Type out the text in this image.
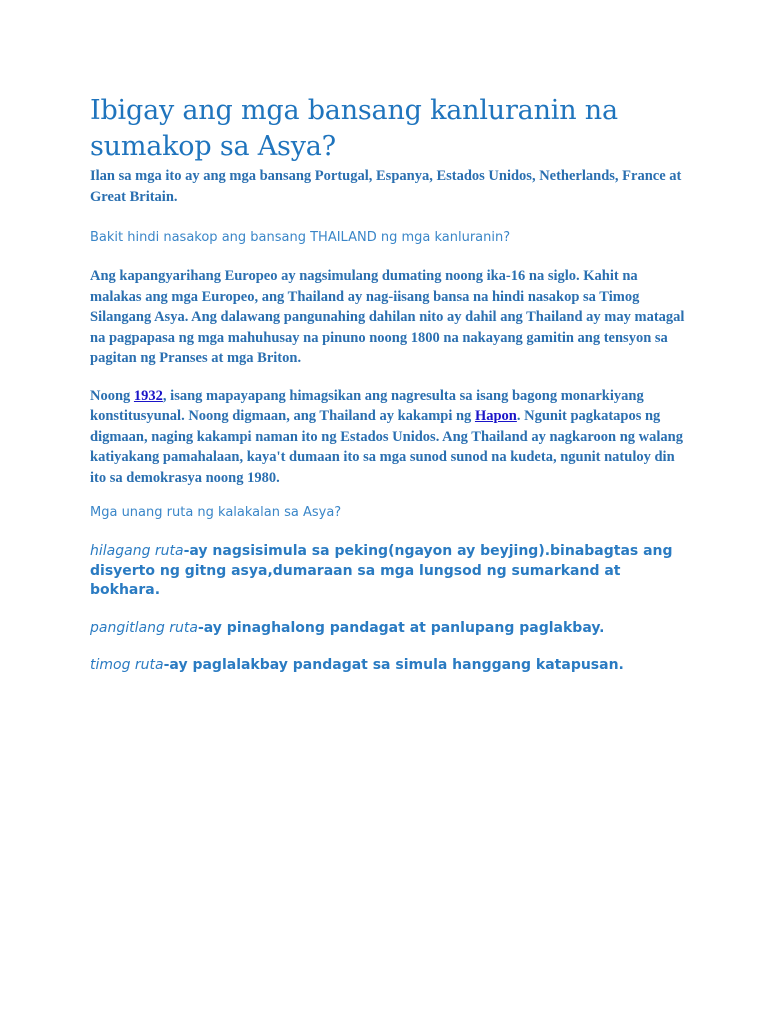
Ibigay ang mga bansang kanluranin na sumakop sa Asya?

Ilan sa mga ito ay ang mga bansang Portugal, Espanya, Estados Unidos, Netherlands, France at Great Britain.

Bakit hindi nasakop ang bansang THAILAND ng mga kanluranin?

Ang kapangyarihang Europeo ay nagsimulang dumating noong ika-16 na siglo. Kahit na malakas ang mga Europeo, ang Thailand ay nag-iisang bansa na hindi nasakop sa Timog Silangang Asya. Ang dalawang pangunahing dahilan nito ay dahil ang Thailand ay may matagal na pagpapasa ng mga mahuhusay na pinuno noong 1800 na nakayang gamitin ang tensyon sa pagitan ng Pranses at mga Briton.

Noong 1932, isang mapayapang himagsikan ang nagresulta sa isang bagong monarkiyang konstitusyunal. Noong digmaan, ang Thailand ay kakampi ng Hapon. Ngunit pagkatapos ng digmaan, naging kakampi naman ito ng Estados Unidos. Ang Thailand ay nagkaroon ng walang katiyakang pamahalaan, kaya't dumaan ito sa mga sunod sunod na kudeta, ngunit natuloy din ito sa demokrasya noong 1980.

Mga unang ruta ng kalakalan sa Asya?

hilagang ruta-ay nagsisimula sa peking(ngayon ay beyjing).binabagtas ang disyerto ng gitng asya,dumaraan sa mga lungsod ng sumarkand at bokhara.

pangitlang ruta-ay pinaghalong pandagat at panlupang paglakbay.

timog ruta-ay paglalakbay pandagat sa simula hanggang katapusan.
